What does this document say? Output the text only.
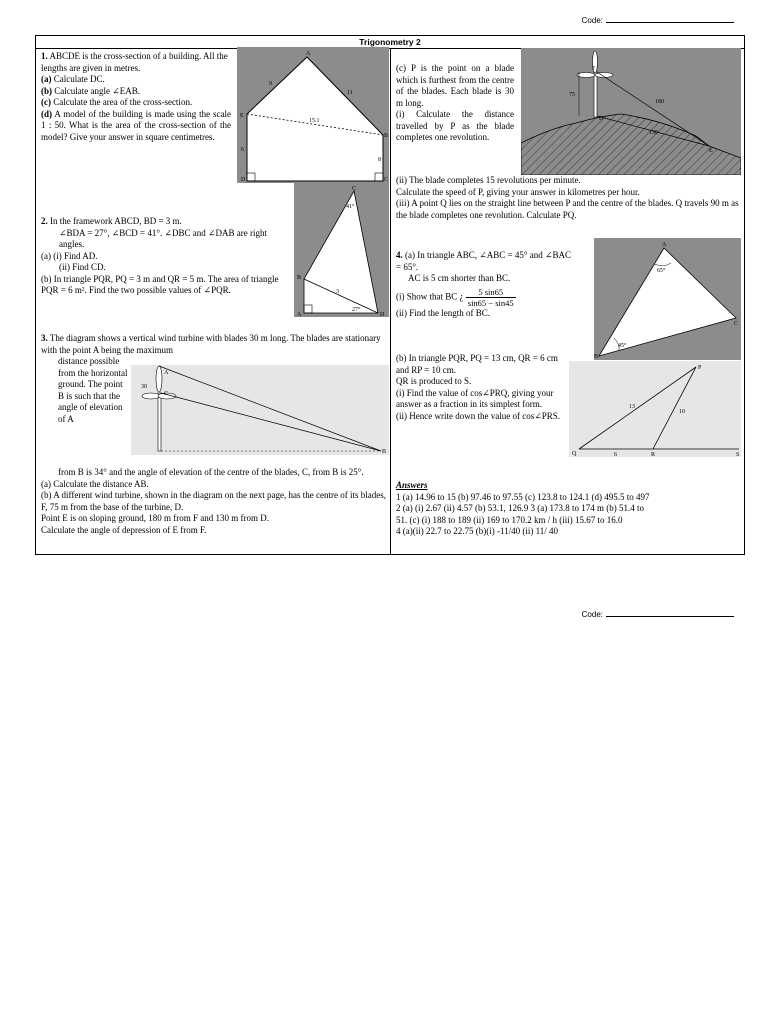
Code:
Trigonometry 2
1. ABCDE is the cross-section of a building. All the lengths are given in metres.
(a) Calculate DC.
(b) Calculate angle ∠EAB.
(c) Calculate the area of the cross-section.
(d) A model of the building is made using the scale 1 : 50. What is the area of the cross-section of the model? Give your answer in square centimetres.
A
E
B
D	C
9
11
15.1
6
8
2. In the framework ABCD, BD = 3 m.
∠BDA = 27°, ∠BCD = 41°. ∠DBC and ∠DAB are right angles.
(a) (i) Find AD.
(ii) Find CD.
(b) In triangle PQR, PQ = 3 m and QR = 5 m. The area of triangle PQR = 6 m². Find the two possible values of ∠PQR.
C
B
A	D
3
41°
27°
3. The diagram shows a vertical wind turbine with blades 30 m long. The blades are stationary with the point A being the maximum
distance possible from the horizontal ground. The point B is such that the angle of elevation of A
30
A
C
B
from B is 34° and the angle of elevation of the centre of the blades, C, from B is 25°.
(a) Calculate the distance AB.
(b) A different wind turbine, shown in the diagram on the next page, has the centre of its blades, F, 75 m from the base of the turbine, D.
Point E is on sloping ground, 180 m from F and 130 m from D.
Calculate the angle of depression of E from F.
(c) P is the point on a blade which is furthest from the centre of the blades. Each blade is 30 m long.
(i) Calculate the distance travelled by P as the blade completes one revolution.
F
D
E
75
180
130
(ii) The blade completes 15 revolutions per minute.
Calculate the speed of P, giving your answer in kilometres per hour.
(iii) A point Q lies on the straight line between P and the centre of the blades. Q travels 90 m as the blade completes one revolution. Calculate PQ.
4. (a) In triangle ABC, ∠ABC = 45° and ∠BAC = 65°.
AC is 5 cm shorter than BC.
(i) Show that BC ¿ $\frac{5 \sin 65}{\sin 65 - \sin 45}$
(ii) Find the length of BC.
A
B
C
65°
45°
(b) In triangle PQR, PQ = 13 cm, QR = 6 cm and RP = 10 cm.
QR is produced to S.
(i) Find the value of cos∠PRQ, giving your answer as a fraction in its simplest form.
(ii) Hence write down the value of cos∠PRS.
P
Q	R	S
13
10
6
Answers
1 (a) 14.96 to 15 (b) 97.46 to 97.55 (c) 123.8 to 124.1 (d) 495.5 to 497
2 (a) (i) 2.67 (ii) 4.57 (b) 53.1, 126.9 3 (a) 173.8 to 174 m (b) 51.4 to
51. (c) (i) 188 to 189 (ii) 169 to 170.2 km / h (iii) 15.67 to 16.0
4 (a)(ii) 22.7 to 22.75 (b)(i) -11/40 (ii) 11/ 40
Code:
